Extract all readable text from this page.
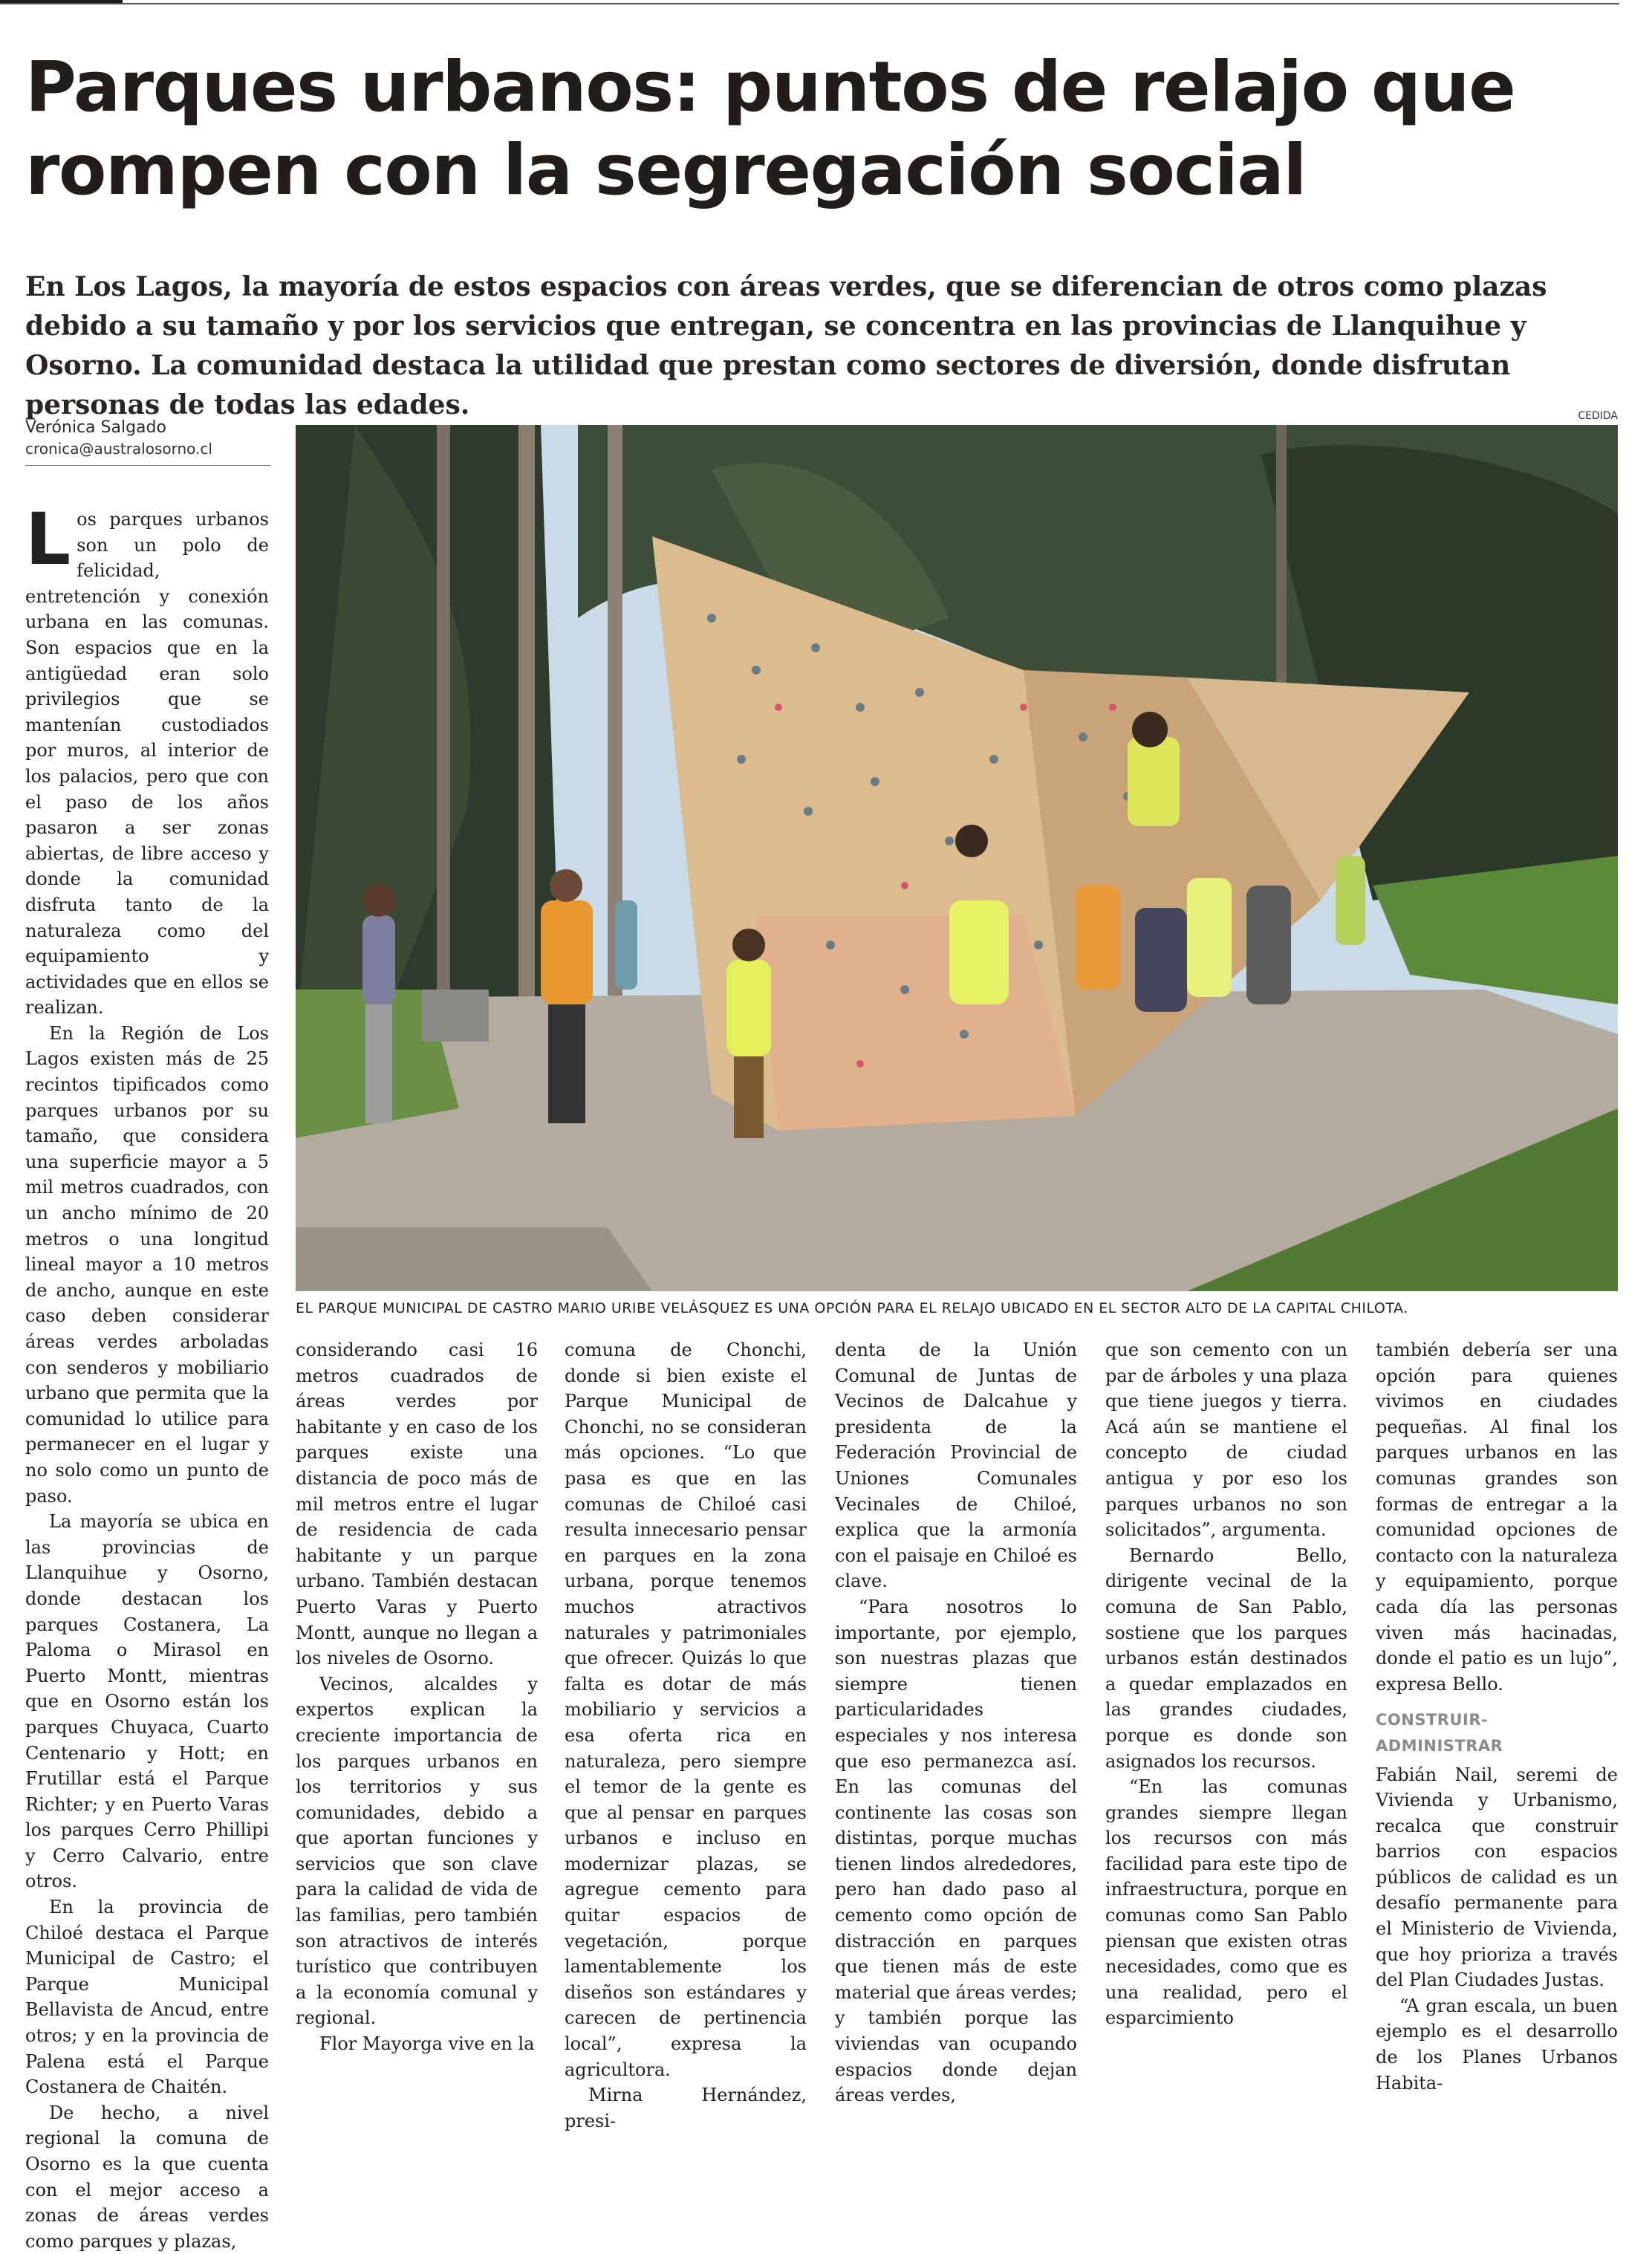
Parques urbanos: puntos de relajo que rompen con la segregación social

En Los Lagos, la mayoría de estos espacios con áreas verdes, que se diferencian de otros como plazas debido a su tamaño y por los servicios que entregan, se concentra en las provincias de Llanquihue y Osorno. La comunidad destaca la utilidad que prestan como sectores de diversión, donde disfrutan personas de todas las edades.

Verónica Salgado
cronica@australosorno.cl
CEDIDA
EL PARQUE MUNICIPAL DE CASTRO MARIO URIBE VELÁSQUEZ ES UNA OPCIÓN PARA EL RELAJO UBICADO EN EL SECTOR ALTO DE LA CAPITAL CHILOTA.

Los parques urbanos son un polo de felicidad, entretención y conexión urbana en las comunas. Son espacios que en la antigüedad eran solo privilegios que se mantenían custodiados por muros, al interior de los palacios, pero que con el paso de los años pasaron a ser zonas abiertas, de libre acceso y donde la comunidad disfruta tanto de la naturaleza como del equipamiento y actividades que en ellos se realizan.

En la Región de Los Lagos existen más de 25 recintos tipificados como parques urbanos por su tamaño, que considera una superficie mayor a 5 mil metros cuadrados, con un ancho mínimo de 20 metros o una longitud lineal mayor a 10 metros de ancho, aunque en este caso deben considerar áreas verdes arboladas con senderos y mobiliario urbano que permita que la comunidad lo utilice para permanecer en el lugar y no solo como un punto de paso.

La mayoría se ubica en las provincias de Llanquihue y Osorno, donde destacan los parques Costanera, La Paloma o Mirasol en Puerto Montt, mientras que en Osorno están los parques Chuyaca, Cuarto Centenario y Hott; en Frutillar está el Parque Richter; y en Puerto Varas los parques Cerro Phillipi y Cerro Calvario, entre otros.

En la provincia de Chiloé destaca el Parque Municipal de Castro; el Parque Municipal Bellavista de Ancud, entre otros; y en la provincia de Palena está el Parque Costanera de Chaitén.

De hecho, a nivel regional la comuna de Osorno es la que cuenta con el mejor acceso a zonas de áreas verdes como parques y plazas,

considerando casi 16 metros cuadrados de áreas verdes por habitante y en caso de los parques existe una distancia de poco más de mil metros entre el lugar de residencia de cada habitante y un parque urbano. También destacan Puerto Varas y Puerto Montt, aunque no llegan a los niveles de Osorno.

Vecinos, alcaldes y expertos explican la creciente importancia de los parques urbanos en los territorios y sus comunidades, debido a que aportan funciones y servicios que son clave para la calidad de vida de las familias, pero también son atractivos de interés turístico que contribuyen a la economía comunal y regional.

Flor Mayorga vive en la

comuna de Chonchi, donde si bien existe el Parque Municipal de Chonchi, no se consideran más opciones. “Lo que pasa es que en las comunas de Chiloé casi resulta innecesario pensar en parques en la zona urbana, porque tenemos muchos atractivos naturales y patrimoniales que ofrecer. Quizás lo que falta es dotar de más mobiliario y servicios a esa oferta rica en naturaleza, pero siempre el temor de la gente es que al pensar en parques urbanos e incluso en modernizar plazas, se agregue cemento para quitar espacios de vegetación, porque lamentablemente los diseños son estándares y carecen de pertinencia local”, expresa la agricultora.

Mirna Hernández, presi-

denta de la Unión Comunal de Juntas de Vecinos de Dalcahue y presidenta de la Federación Provincial de Uniones Comunales Vecinales de Chiloé, explica que la armonía con el paisaje en Chiloé es clave.

“Para nosotros lo importante, por ejemplo, son nuestras plazas que siempre tienen particularidades especiales y nos interesa que eso permanezca así. En las comunas del continente las cosas son distintas, porque muchas tienen lindos alrededores, pero han dado paso al cemento como opción de distracción en parques que tienen más de este material que áreas verdes; y también porque las viviendas van ocupando espacios donde dejan áreas verdes,

que son cemento con un par de árboles y una plaza que tiene juegos y tierra. Acá aún se mantiene el concepto de ciudad antigua y por eso los parques urbanos no son solicitados”, argumenta.

Bernardo Bello, dirigente vecinal de la comuna de San Pablo, sostiene que los parques urbanos están destinados a quedar emplazados en las grandes ciudades, porque es donde son asignados los recursos.

“En las comunas grandes siempre llegan los recursos con más facilidad para este tipo de infraestructura, porque en comunas como San Pablo piensan que existen otras necesidades, como que es una realidad, pero el esparcimiento

también debería ser una opción para quienes vivimos en ciudades pequeñas. Al final los parques urbanos en las comunas grandes son formas de entregar a la comunidad opciones de contacto con la naturaleza y equipamiento, porque cada día las personas viven más hacinadas, donde el patio es un lujo”, expresa Bello.

CONSTRUIR- ADMINISTRAR

Fabián Nail, seremi de Vivienda y Urbanismo, recalca que construir barrios con espacios públicos de calidad es un desafío permanente para el Ministerio de Vivienda, que hoy prioriza a través del Plan Ciudades Justas.

“A gran escala, un buen ejemplo es el desarrollo de los Planes Urbanos Habita-
